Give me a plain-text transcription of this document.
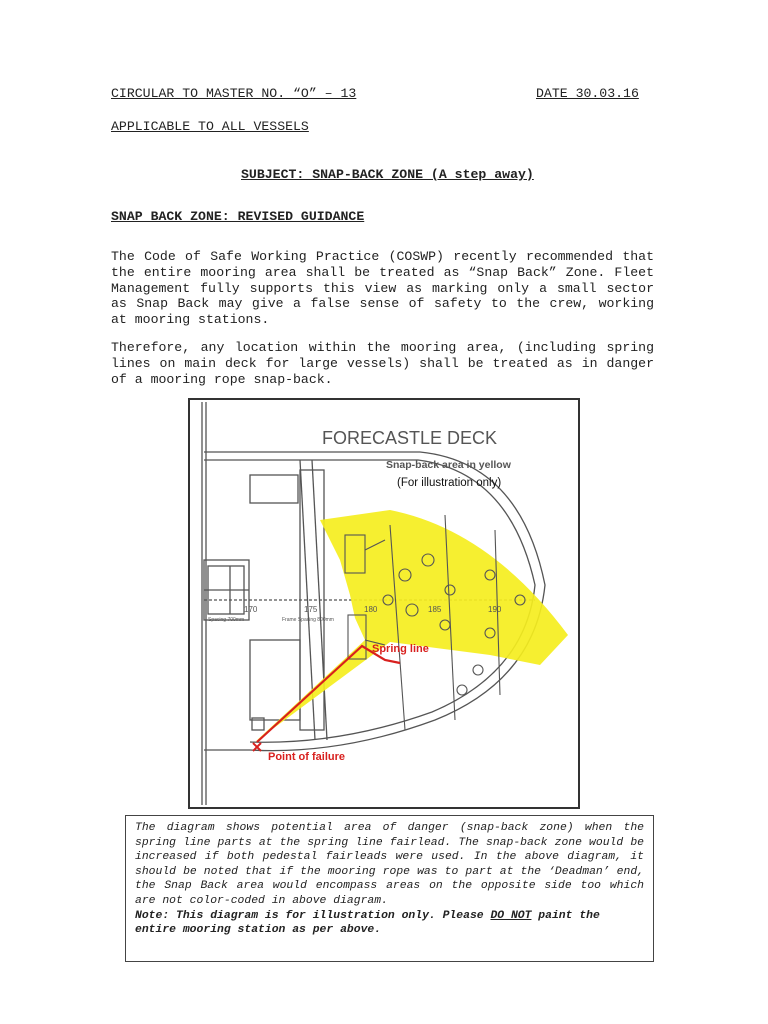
CIRCULAR TO MASTER NO. “O” – 13	DATE 30.03.16
APPLICABLE TO ALL VESSELS
SUBJECT: SNAP-BACK ZONE (A step away)
SNAP BACK ZONE: REVISED GUIDANCE
The Code of Safe Working Practice (COSWP) recently recommended that the entire mooring area shall be treated as “Snap Back” Zone. Fleet Management fully supports this view as marking only a small sector as Snap Back may give a false sense of safety to the crew, working at mooring stations.
Therefore, any location within the mooring area, (including spring lines on main deck for large vessels) shall be treated as in danger of a mooring rope snap-back.
FORECASTLE DECK
Snap-back area in yellow
(For illustration only)
170	175	180	185	190
Spacing 700mm	Frame Spacing 800mm
Spring line
Point of failure
The diagram shows potential area of danger (snap-back zone) when the spring line parts at the spring line fairlead. The snap-back zone would be increased if both pedestal fairleads were used. In the above diagram, it should be noted that if the mooring rope was to part at the ‘Deadman’ end, the Snap Back area would encompass areas on the opposite side too which are not color-coded in above diagram.
Note: This diagram is for illustration only. Please DO NOT paint the entire mooring station as per above.
